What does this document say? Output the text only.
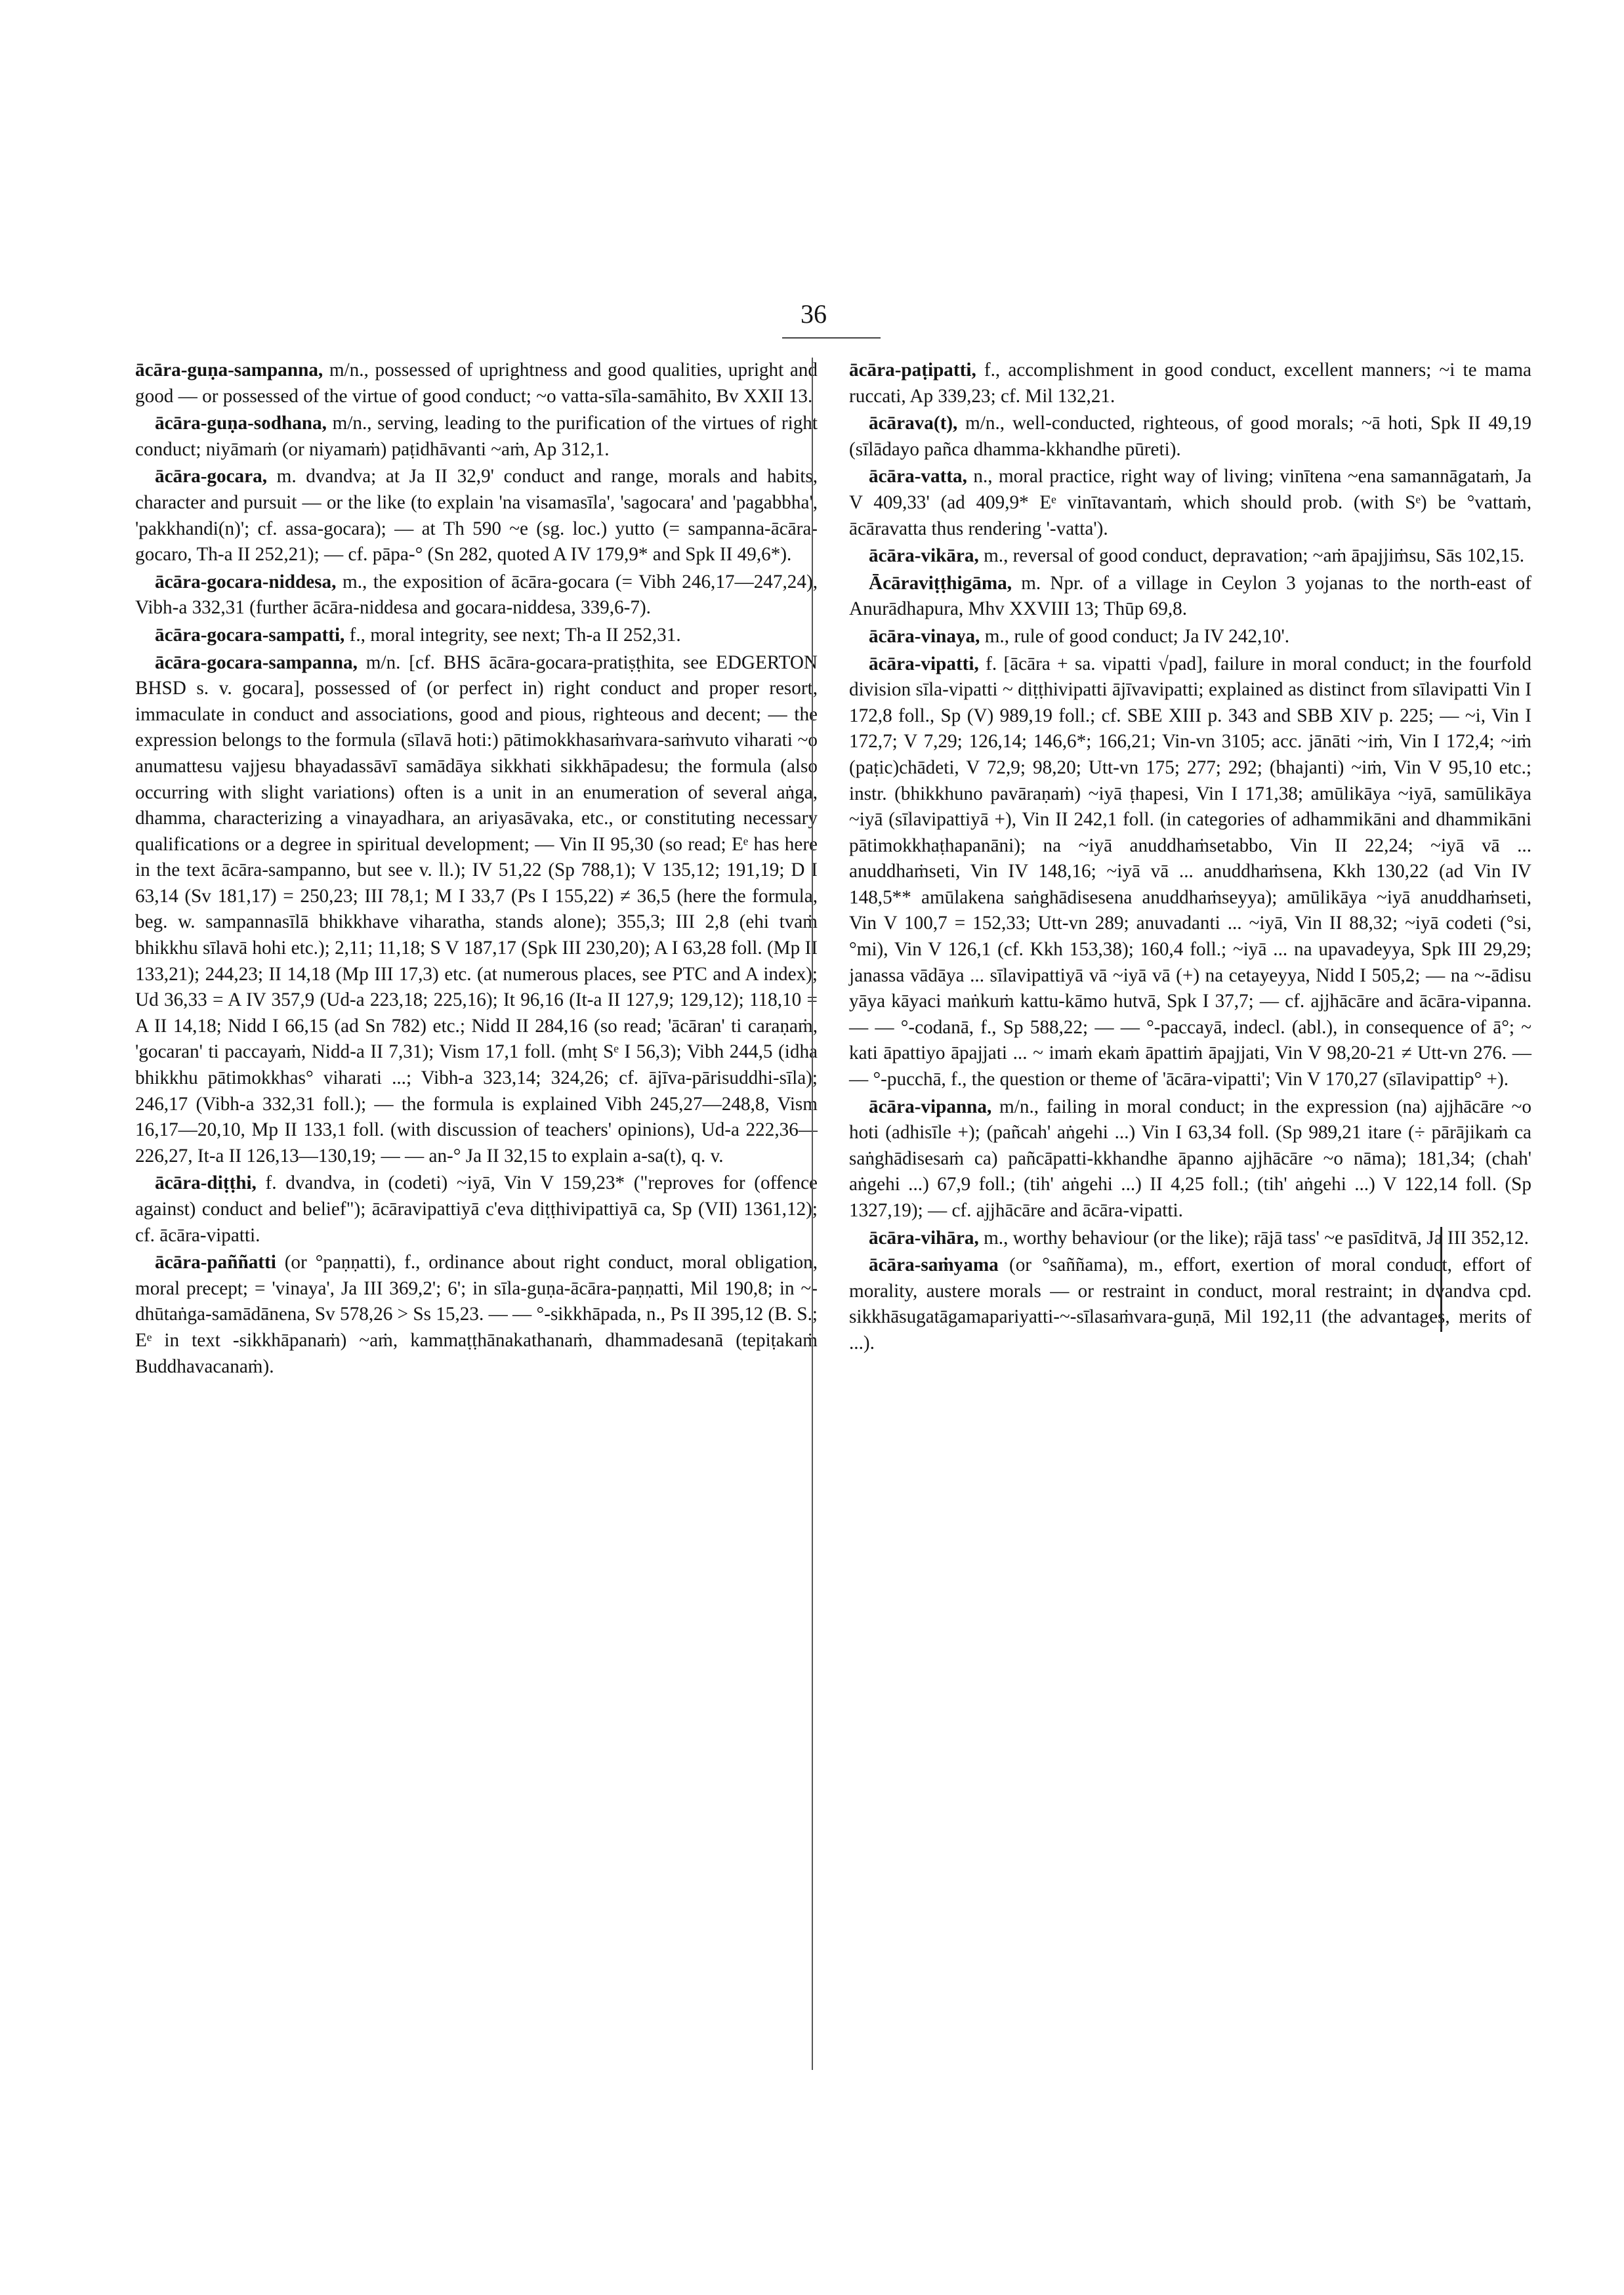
36

ācāra-guṇa-sampanna, m/n., possessed of uprightness and good qualities, upright and good — or possessed of the virtue of good conduct; ~o vatta-sīla-samāhito, Bv XXII 13.

ācāra-guṇa-sodhana, m/n., serving, leading to the purification of the virtues of right conduct; niyāmaṁ (or niyamaṁ) paṭidhāvanti ~aṁ, Ap 312,1.

ācāra-gocara, m. dvandva; at Ja II 32,9' conduct and range, morals and habits, character and pursuit — or the like (to explain 'na visamasīla', 'sagocara' and 'pagabbha', 'pakkhandi(n)'; cf. assa-gocara); — at Th 590 ~e (sg. loc.) yutto (= sampanna-ācāra-gocaro, Th-a II 252,21); — cf. pāpa-° (Sn 282, quoted A IV 179,9* and Spk II 49,6*).

ācāra-gocara-niddesa, m., the exposition of ācāra-gocara (= Vibh 246,17—247,24), Vibh-a 332,31 (further ācāra-niddesa and gocara-niddesa, 339,6-7).

ācāra-gocara-sampatti, f., moral integrity, see next; Th-a II 252,31.

ācāra-gocara-sampanna, m/n. [cf. BHS ācāra-gocara-pratiṣṭhita, see EDGERTON BHSD s. v. gocara], possessed of (or perfect in) right conduct and proper resort, immaculate in conduct and associations, good and pious, righteous and decent; — the expression belongs to the formula (sīlavā hoti:) pātimokkhasaṁvara-saṁvuto viharati ~o anumattesu vajjesu bhayadassāvī samādāya sikkhati sikkhāpadesu; the formula (also occurring with slight variations) often is a unit in an enumeration of several aṅga, dhamma, characterizing a vinayadhara, an ariyasāvaka, etc., or constituting necessary qualifications or a degree in spiritual development; — Vin II 95,30 (so read; Eᵉ has here in the text ācāra-sampanno, but see v. ll.); IV 51,22 (Sp 788,1); V 135,12; 191,19; D I 63,14 (Sv 181,17) = 250,23; III 78,1; M I 33,7 (Ps I 155,22) ≠ 36,5 (here the formula, beg. w. sampannasīlā bhikkhave viharatha, stands alone); 355,3; III 2,8 (ehi tvaṁ bhikkhu sīlavā hohi etc.); 2,11; 11,18; S V 187,17 (Spk III 230,20); A I 63,28 foll. (Mp II 133,21); 244,23; II 14,18 (Mp III 17,3) etc. (at numerous places, see PTC and A index); Ud 36,33 = A IV 357,9 (Ud-a 223,18; 225,16); It 96,16 (It-a II 127,9; 129,12); 118,10 = A II 14,18; Nidd I 66,15 (ad Sn 782) etc.; Nidd II 284,16 (so read; 'ācāran' ti caraṇaṁ, 'gocaran' ti paccayaṁ, Nidd-a II 7,31); Vism 17,1 foll. (mhṭ Sᵉ I 56,3); Vibh 244,5 (idha bhikkhu pātimokkhas° viharati ...; Vibh-a 323,14; 324,26; cf. ājīva-pārisuddhi-sīla); 246,17 (Vibh-a 332,31 foll.); — the formula is explained Vibh 245,27—248,8, Vism 16,17—20,10, Mp II 133,1 foll. (with discussion of teachers' opinions), Ud-a 222,36—226,27, It-a II 126,13—130,19; — — an-° Ja II 32,15 to explain a-sa(t), q. v.

ācāra-diṭṭhi, f. dvandva, in (codeti) ~iyā, Vin V 159,23* ("reproves for (offence against) conduct and belief"); ācāravipattiyā c'eva diṭṭhivipattiyā ca, Sp (VII) 1361,12); cf. ācāra-vipatti.

ācāra-paññatti (or °paṇṇatti), f., ordinance about right conduct, moral obligation, moral precept; = 'vinaya', Ja III 369,2'; 6'; in sīla-guṇa-ācāra-paṇṇatti, Mil 190,8; in ~-dhūtaṅga-samādānena, Sv 578,26 > Ss 15,23. — — °-sikkhāpada, n., Ps II 395,12 (B. S.; Eᵉ in text -sikkhāpanaṁ) ~aṁ, kammaṭṭhānakathanaṁ, dhammadesanā (tepiṭakaṁ Buddhavacanaṁ).

ācāra-paṭipatti, f., accomplishment in good conduct, excellent manners; ~i te mama ruccati, Ap 339,23; cf. Mil 132,21.

ācārava(t), m/n., well-conducted, righteous, of good morals; ~ā hoti, Spk II 49,19 (sīlādayo pañca dhamma-kkhandhe pūreti).

ācāra-vatta, n., moral practice, right way of living; vinītena ~ena samannāgataṁ, Ja V 409,33' (ad 409,9* Eᵉ vinītavantaṁ, which should prob. (with Sᵉ) be °vattaṁ, ācāravatta thus rendering '-vatta').

ācāra-vikāra, m., reversal of good conduct, depravation; ~aṁ āpajjiṁsu, Sās 102,15.

Ācāraviṭṭhigāma, m. Npr. of a village in Ceylon 3 yojanas to the north-east of Anurādhapura, Mhv XXVIII 13; Thūp 69,8.

ācāra-vinaya, m., rule of good conduct; Ja IV 242,10'.

ācāra-vipatti, f. [ācāra + sa. vipatti √pad], failure in moral conduct; in the fourfold division sīla-vipatti ~ diṭṭhivipatti ājīvavipatti; explained as distinct from sīlavipatti Vin I 172,8 foll., Sp (V) 989,19 foll.; cf. SBE XIII p. 343 and SBB XIV p. 225; — ~i, Vin I 172,7; V 7,29; 126,14; 146,6*; 166,21; Vin-vn 3105; acc. jānāti ~iṁ, Vin I 172,4; ~iṁ (paṭic)chādeti, V 72,9; 98,20; Utt-vn 175; 277; 292; (bhajanti) ~iṁ, Vin V 95,10 etc.; instr. (bhikkhuno pavāraṇaṁ) ~iyā ṭhapesi, Vin I 171,38; amūlikāya ~iyā, samūlikāya ~iyā (sīlavipattiyā +), Vin II 242,1 foll. (in categories of adhammikāni and dhammikāni pātimokkhaṭhapanāni); na ~iyā anuddhaṁsetabbo, Vin II 22,24; ~iyā vā ... anuddhaṁseti, Vin IV 148,16; ~iyā vā ... anuddhaṁsena, Kkh 130,22 (ad Vin IV 148,5** amūlakena saṅghādisesena anuddhaṁseyya); amūlikāya ~iyā anuddhaṁseti, Vin V 100,7 = 152,33; Utt-vn 289; anuvadanti ... ~iyā, Vin II 88,32; ~iyā codeti (°si, °mi), Vin V 126,1 (cf. Kkh 153,38); 160,4 foll.; ~iyā ... na upavadeyya, Spk III 29,29; janassa vādāya ... sīlavipattiyā vā ~iyā vā (+) na cetayeyya, Nidd I 505,2; — na ~-ādisu yāya kāyaci maṅkuṁ kattu-kāmo hutvā, Spk I 37,7; — cf. ajjhācāre and ācāra-vipanna. — — °-codanā, f., Sp 588,22; — — °-paccayā, indecl. (abl.), in consequence of ā°; ~ kati āpattiyo āpajjati ... ~ imaṁ ekaṁ āpattiṁ āpajjati, Vin V 98,20-21 ≠ Utt-vn 276. — — °-pucchā, f., the question or theme of 'ācāra-vipatti'; Vin V 170,27 (sīlavipattip° +).

ācāra-vipanna, m/n., failing in moral conduct; in the expression (na) ajjhācāre ~o hoti (adhisīle +); (pañcah' aṅgehi ...) Vin I 63,34 foll. (Sp 989,21 itare (÷ pārājikaṁ ca saṅghādisesaṁ ca) pañcāpatti-kkhandhe āpanno ajjhācāre ~o nāma); 181,34; (chah' aṅgehi ...) 67,9 foll.; (tih' aṅgehi ...) II 4,25 foll.; (tih' aṅgehi ...) V 122,14 foll. (Sp 1327,19); — cf. ajjhācāre and ācāra-vipatti.

ācāra-vihāra, m., worthy behaviour (or the like); rājā tass' ~e pasīditvā, Ja III 352,12.

ācāra-saṁyama (or °saññama), m., effort, exertion of moral conduct, effort of morality, austere morals — or restraint in conduct, moral restraint; in dvandva cpd. sikkhāsugatāgamapariyatti-~-sīlasaṁvara-guṇā, Mil 192,11 (the advantages, merits of ...).
